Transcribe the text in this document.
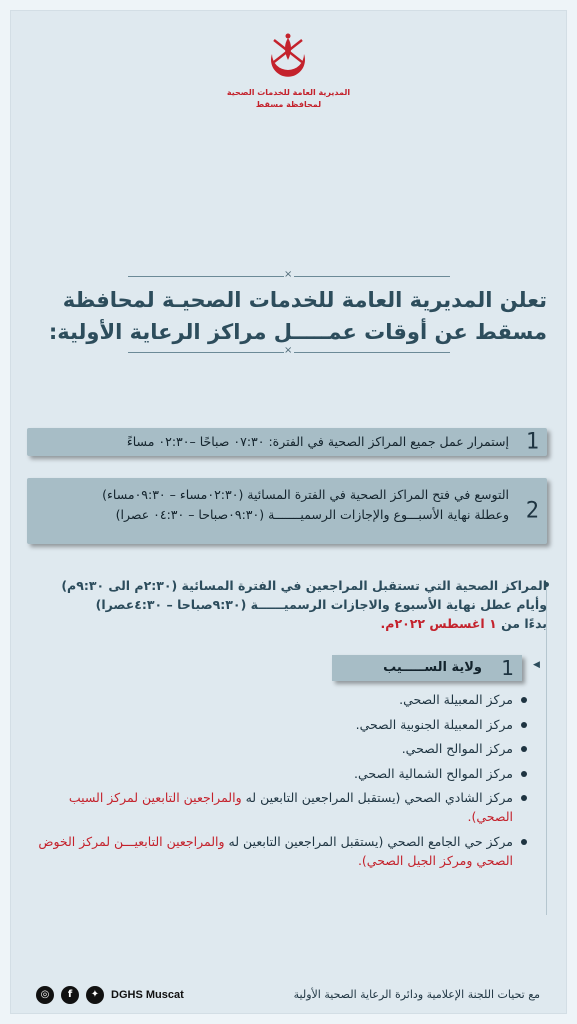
المديرية العامة للخدمات الصحية
لمحافظة مسقط
×
تعلن المديرية العامة للخدمات الصحيـة لمحافظة
مسقط عن أوقات عمـــــل مراكز الرعاية الأولية:
×
1
إستمرار عمل جميع المراكز الصحية في الفترة: ٠٧:٣٠ صباحًا –٠٢:٣٠ مساءً
2
التوسع في فتح المراكز الصحية في الفترة المسائية (٠٢:٣٠مساء – ٠٩:٣٠مساء)
وعطلة نهاية الأسبـــوع والإجازات الرسميـــــــة (٠٩:٣٠صباحا – ٠٤:٣٠ عصرا)
المراكز الصحية التي تستقبل المراجعين في الفترة المسائية (٢:٣٠م الى ٩:٣٠م)
وأيام عطل نهاية الأسبوع والاجازات الرسميــــــة (٩:٣٠صباحا – ٤:٣٠عصرا)
بدءًا من ١ اغسطس ٢٠٢٢م.
◀
1
ولاية الســـــيب
مركز المعبيلة الصحي.
مركز المعبيلة الجنوبية الصحي.
مركز الموالح الصحي.
مركز الموالح الشمالية الصحي.
مركز الشادي الصحي (يستقبل المراجعين التابعين له والمراجعين التابعين لمركز السيب الصحي).
مركز حي الجامع الصحي (يستقبل المراجعين التابعين له والمراجعين التابعيـــن لمركز الخوض الصحي ومركز الجيل الصحي).
مع تحيات اللجنة الإعلامية ودائرة الرعاية الصحية الأولية
◎	f	✦	DGHS Muscat
